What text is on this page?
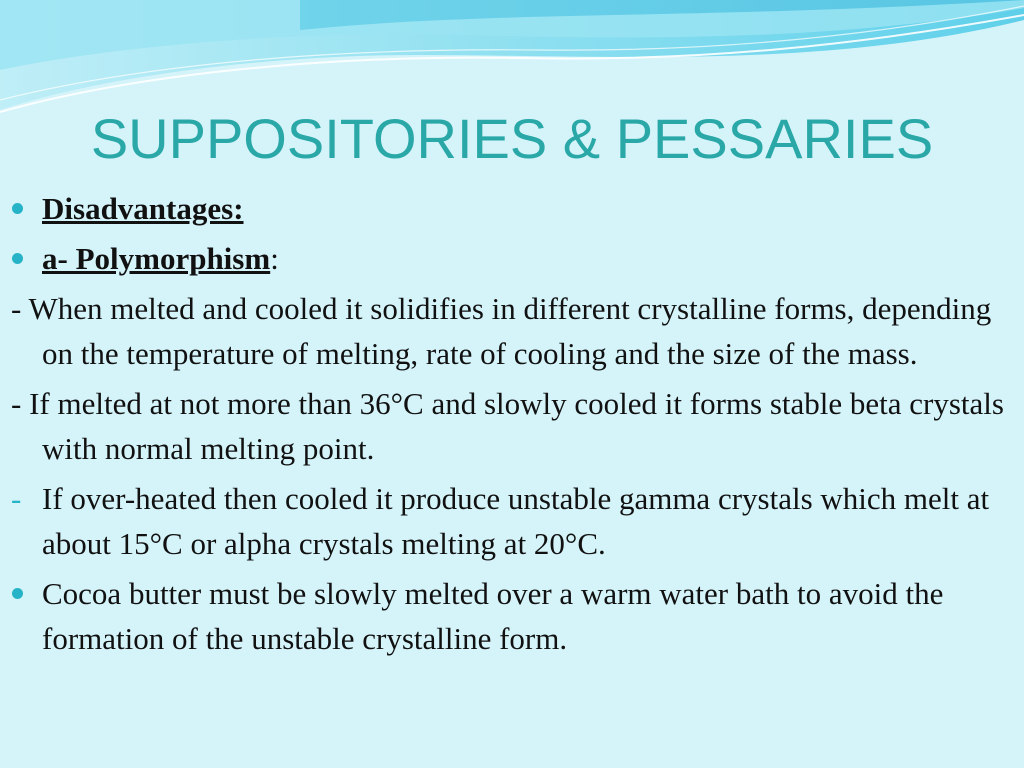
SUPPOSITORIES & PESSARIES

Disadvantages:

a- Polymorphism:

- When melted and cooled it solidifies in different crystalline forms, depending on the temperature of melting, rate of cooling and the size of the mass.

- If melted at not more than 36°C and slowly cooled it forms stable beta crystals with normal melting point.

- If over-heated then cooled it produce unstable gamma crystals which melt at about 15°C or alpha crystals melting at 20°C.

Cocoa butter must be slowly melted over a warm water bath to avoid the formation of the unstable crystalline form.
